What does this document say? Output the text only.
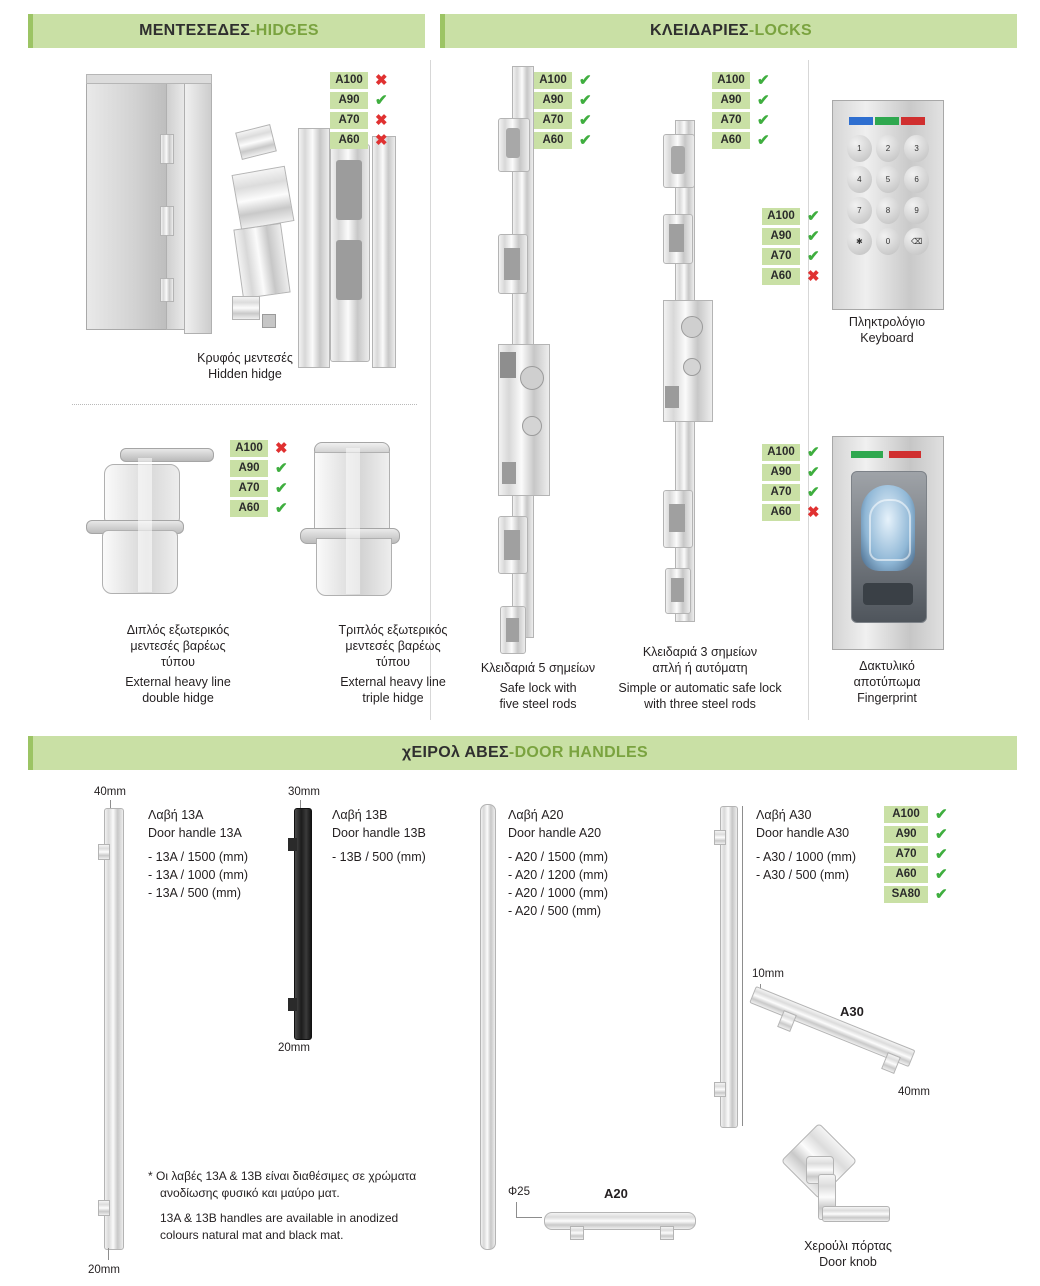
ΜΕΝΤΕΣΕΔΕΣ - HIDGES	ΚΛΕΙΔΑΡΙΕΣ - LOCKS
χΕΙΡΟλ ΑΒΕΣ - DOOR HANDLES
A100 ✖
A90	✔
A70	✖
A60	✖
Κρυφός μεντεσές
Hidden hidge
A100 ✖
A90	✔
A70	✔
A60	✔
Διπλός εξωτερικός
μεντεσές βαρέως
τύπου
External heavy line
double hidge
Τριπλός εξωτερικός
μεντεσές βαρέως
τύπου
External heavy line
triple hidge
A100 ✔
A90	✔
A70	✔
A60	✔
Κλειδαριά 5 σημείων
Safe lock with
five steel rods
A100 ✔
A90	✔
A70	✔
A60	✔
Κλειδαριά 3 σημείων
απλή ή αυτόματη
Simple or automatic safe lock
with three steel rods
A100 ✔
A90	✔
A70	✔
A60	✖
1	2	3
4	5	6
7	8	9
✱	0	⌫
Πληκτρολόγιο
Keyboard
A100 ✔
A90	✔
A70	✔
A60	✖
Δακτυλικό
αποτύπωμα
Fingerprint
40mm
20mm
Λαβή 13A
Door handle 13A
- 13A / 1500 (mm)
- 13A / 1000 (mm)
- 13A / 500 (mm)
30mm
20mm
Λαβή 13B
Door handle 13B
- 13B / 500 (mm)
Λαβή A20
Door handle A20
- A20 / 1500 (mm)
- A20 / 1200 (mm)
- A20 / 1000 (mm)
- A20 / 500 (mm)
Φ25	A20
Λαβή A30
Door handle A30
- A30 / 1000 (mm)
- A30 / 500 (mm)
A100	✔
A90	✔
A70	✔
A60	✔
SA80 ✔
10mm
A30
40mm
Χερούλι πόρτας
Door knob
* Οι λαβές 13A & 13B είναι διαθέσιμες σε χρώματα
ανοδίωσης φυσικό και μαύρο ματ.
13A & 13B handles are available in anodized
colours natural mat and black mat.
